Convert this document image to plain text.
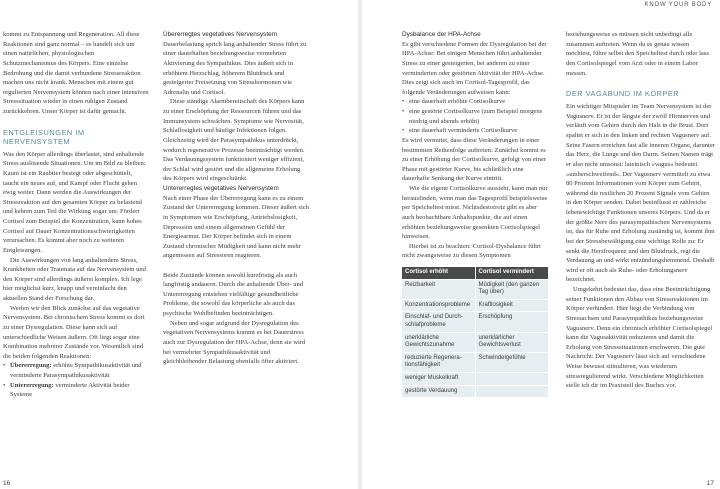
KNOW YOUR BODY

kommt zu Entspannung und Regeneration. All diese Reaktionen sind ganz normal – es handelt sich um einen natürlichen, physiologischen Schutzmechanismus des Körpers. Eine einzelne Bedrohung und die damit verbundene Stressreaktion machen uns nicht krank. Menschen mit einem gut regulierten Nervensystem können nach einer intensiven Stresssituation wieder in einen ruhigen Zustand zurückkehren. Unser Körper ist dafür gemacht.

ENTGLEISUNGEN IM NERVENSYSTEM

Was den Körper allerdings überlastet, sind anhaltende Stress auslösende Situationen. Um im Bild zu bleiben: Kaum ist ein Raubtier besiegt oder abgeschüttelt, taucht ein neues auf, und Kampf oder Flucht gehen ewig weiter. Dann werden die Auswirkungen der Stressreaktion auf den gesamten Körper zu belastend und kehren zum Teil die Wirkung sogar um. Fördert Cortisol zum Beispiel die Konzentration, kann hohes Cortisol auf Dauer Konzentrationsschwierigkeiten verursachen. Es kommt aber noch zu weiteren Entgleisungen.

Die Auswirkungen von lang anhaltendem Stress, Krankheiten oder Traumata auf das Nervensystem und den Körper sind allerdings äußerst komplex. Ich lege hier möglichst kurz, knapp und vereinfacht den aktuellen Stand der Forschung dar.

Werfen wir den Blick zunächst auf das vegetative Nervensystem. Bei chronischem Stress kommt es dort zu einer Dysregulation. Diese kann sich auf unterschiedliche Weisen äußern. Oft liegt sogar eine Kombination mehrerer Zustände vor. Wesentlich sind die beiden folgenden Reaktionen:

• Übererregung: erhöhte Sympathikusaktivität und verminderte Parasympathikusaktivität
• Untererregung: verminderte Aktivität beider Systeme
Übererregtes vegetatives Nervensystem

Dauerbelastung sprich lang anhaltender Stress führt zu einer dauerhaften beziehungsweise vermehrten Aktivierung des Sympathikus. Dies äußert sich in erhöhtem Herzschlag, höherem Blutdruck und gesteigerter Freisetzung von Stresshormonen wie Adrenalin und Cortisol.

Diese ständige Alarmbereitschaft des Körpers kann zu einer Erschöpfung der Ressourcen führen und das Immunsystem schwächen. Symptome wie Nervosität, Schlaflosigkeit und häufige Infektionen folgen. Gleichzeitig wird der Parasympathikus unterdrückt, wodurch regenerative Prozesse beeinträchtigt werden. Das Verdauungssystem funktioniert weniger effizient, der Schlaf wird gestört und die allgemeine Erholung des Körpers wird eingeschränkt.

Untererregtes vegetatives Nervensystem

Nach einer Phase der Übererregung kann es zu einem Zustand der Untererregung kommen. Dieser äußert sich in Symptomen wie Erschöpfung, Antriebslosigkeit, Depression und einem allgemeinen Gefühl der Energiearmut. Der Körper befindet sich in einem Zustand chronischer Müdigkeit und kann nicht mehr angemessen auf Stressoren reagieren.

Beide Zustände können sowohl kurzfristig als auch langfristig andauern. Durch die anhaltende Über- und Untererregung entstehen vielfältige gesundheitliche Probleme, die sowohl das körperliche als auch das psychische Wohlbefinden beeinträchtigen.

Neben und sogar aufgrund der Dysregulation des vegetativen Nervensystems kommt es bei Dauerstress auch zur Dysregulation der HPA-Achse, denn sie wird bei vermehrter Sympathikusaktivität und gleichbleibender Belastung ebenfalls öfter aktiviert.

Dysbalance der HPA-Achse

Es gibt verschiedene Formen der Dysregulation bei der HPA-Achse: Bei einigen Menschen führt anhaltender Stress zu einer gesteigerten, bei anderen zu einer verminderten oder gestörten Aktivität der HPA-Achse. Dies zeigt sich auch im Cortisol-Tagesprofil, das folgende Veränderungen aufweisen kann:

• eine dauerhaft erhöhte Cortisolkurve
• eine gestörte Cortisolkurve (zum Beispiel morgens niedrig und abends erhöht)
• eine dauerhaft verminderte Cortisolkurve

Es wird vermutet, dass diese Veränderungen in einer bestimmten Reihenfolge auftreten: Zunächst kommt es zu einer Erhöhung der Cortisolkurve, gefolgt von einer Phase mit gestörter Kurve, bis schließlich eine dauerhafte Senkung der Kurve eintritt.

Wie die eigene Cortisolkurve aussieht, kann man nur herausfinden, wenn man das Tagesprofil beispielsweise per Speicheltest misst. Nichtsdestotrotz gibt es aber auch beobachtbare Anhaltspunkte, die auf einen erhöhten beziehungsweise gesenkten Cortisolspiegel hinweisen.

Hierbei ist zu beachten: Cortisol-Dysbalance führt nicht zwangsweise zu diesen Symptomen

Cortisol erhöht	Cortisol vermindert
Reizbarkeit	Müdigkeit (den ganzen Tag über)
Konzentrationsprobleme	Kraftlosigkeit
Einschlaf- und Durchschlafprobleme	Erschöpfung
unerklärliche Gewichtszunahme	unerklärlicher Gewichtsverlust
reduzierte Regenerationsfähigkeit	Schwindelgefühle
weniger Muskelkraft	
gestörte Verdauung	

beziehungsweise es müssen nicht unbedingt alle zusammen auftreten. Wenn du es genau wissen möchtest, führe selbst den Speicheltest durch oder lass den Cortisolspiegel vom Arzt oder in einem Labor messen.

DER VAGABUND IM KÖRPER

Ein wichtiger Mitspieler im Team Nervensystem ist der Vagusnerv. Er ist der längste der zwölf Hirnnerven und verläuft vom Gehirn durch den Hals in die Brust. Dort spaltet er sich in den linken und rechten Vagusnerv auf. Seine Fasern erreichen fast alle inneren Organe, darunter das Herz, die Lunge und den Darm. Seinen Namen trägt er also nicht umsonst: lateinisch »vagus« bedeutet »umherschweifend«. Der Vagusnerv vermittelt zu etwa 80 Prozent Informationen vom Körper zum Gehirn, während die restlichen 20 Prozent Signale vom Gehirn in den Körper senden. Dabei beeinflusst er zahlreiche lebenswichtige Funktionen unseres Körpers. Und da er der größte Nerv des parasympathischen Nervensystems ist, das für Ruhe und Erholung zuständig ist, kommt ihm bei der Stressbewältigung eine wichtige Rolle zu: Er senkt die Herzfrequenz und den Blutdruck, regt die Verdauung an und wirkt entzündungshemmend. Deshalb wird er oft auch als Ruhe- oder Erholungsnerv bezeichnet.

Umgekehrt bedeutet das, dass eine Beeinträchtigung seiner Funktionen den Abbau von Stressreaktionen im Körper verhindert. Hier liegt die Verbindung von Stressachsen und Parasympathikus beziehungsweise Vagusnerv. Denn ein chronisch erhöhter Cortisolspiegel kann die Vagusaktivität reduzieren und damit die Erholung von Stresssituationen erschweren. Die gute Nachricht: Der Vagusnerv lässt sich auf verschiedene Weise bewusst stimulieren, was wiederum stressregulierend wirkt. Verschiedene Möglichkeiten stelle ich dir im Praxisteil des Buches vor.

16	17
